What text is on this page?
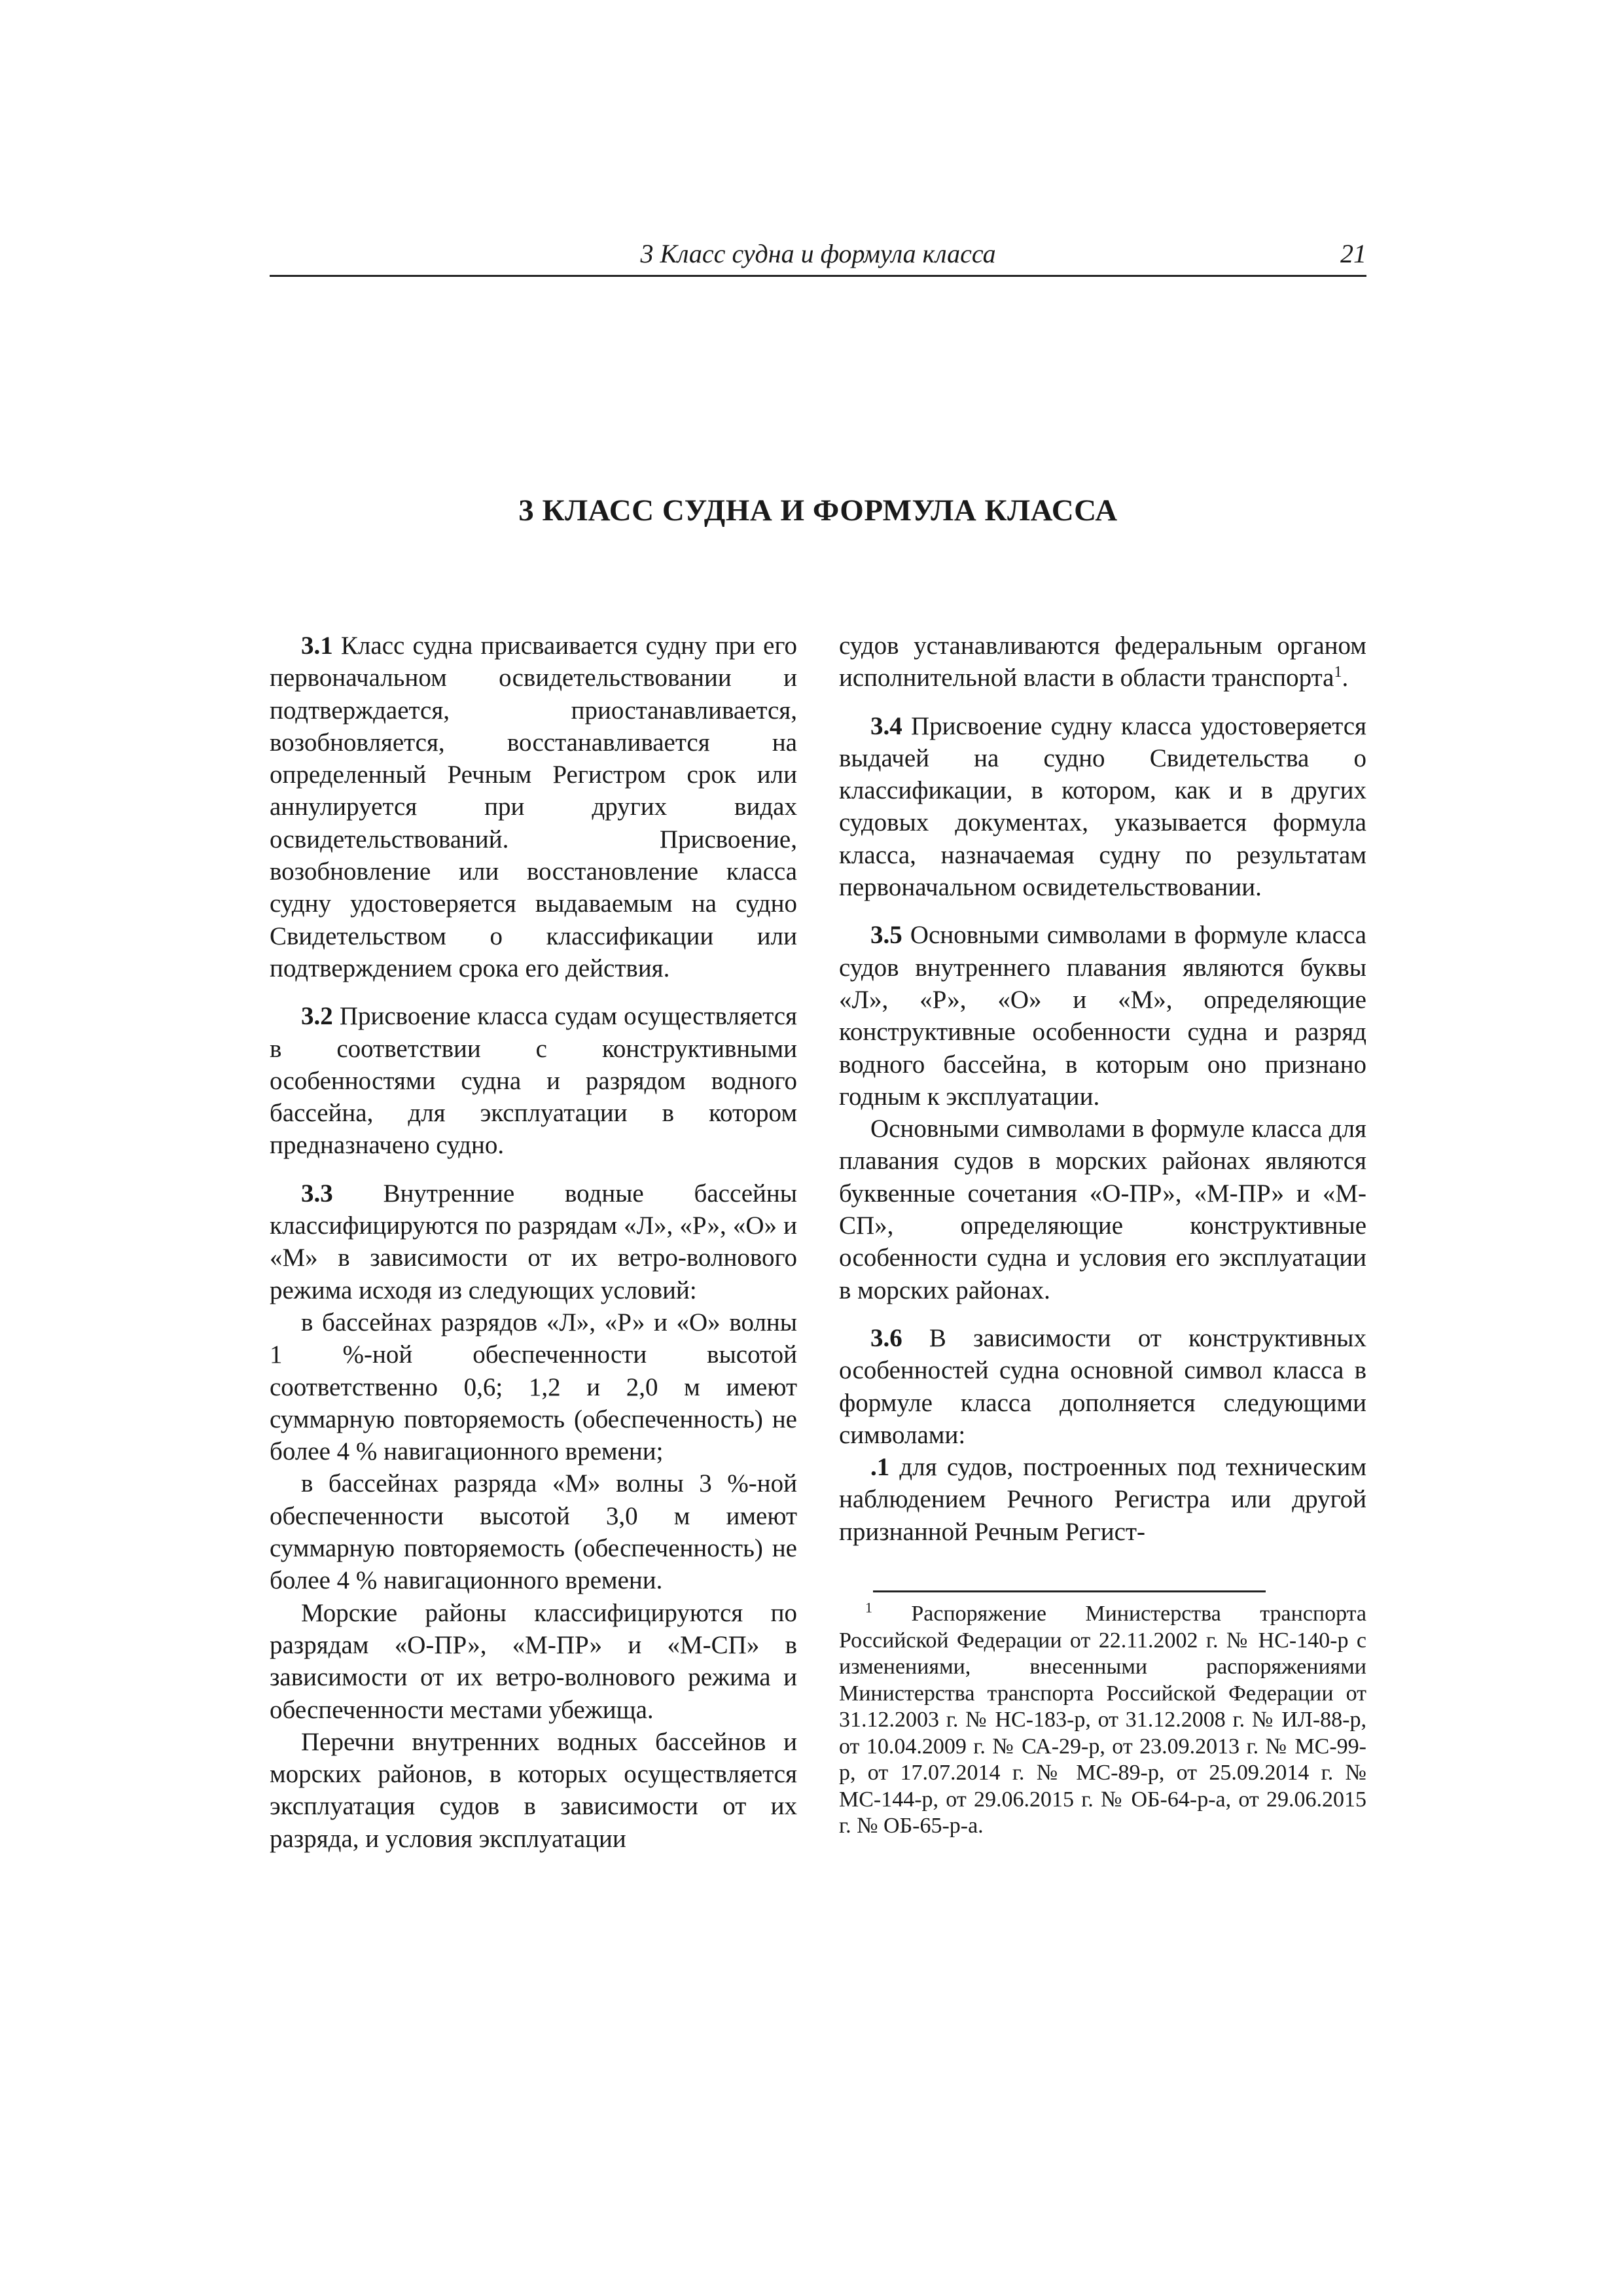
3 Класс судна и формула класса	21
3 КЛАСС СУДНА И ФОРМУЛА КЛАССА

3.1 Класс судна присваивается судну при его первоначальном освидетельствовании и подтверждается, приостанавливается, возобновляется, восстанавливается на определенный Речным Регистром срок или аннулируется при других видах освидетельствований. Присвоение, возобновление или восстановление класса судну удостоверяется выдаваемым на судно Свидетельством о классификации или подтверждением срока его действия.

3.2 Присвоение класса судам осуществляется в соответствии с конструктивными особенностями судна и разрядом водного бассейна, для эксплуатации в котором предназначено судно.

3.3 Внутренние водные бассейны классифицируются по разрядам «Л», «Р», «О» и «М» в зависимости от их ветро-волнового режима исходя из следующих условий:

в бассейнах разрядов «Л», «Р» и «О» волны 1 %-ной обеспеченности высотой соответственно 0,6; 1,2 и 2,0 м имеют суммарную повторяемость (обеспеченность) не более 4 % навигационного времени;

в бассейнах разряда «М» волны 3 %-ной обеспеченности высотой 3,0 м имеют суммарную повторяемость (обеспеченность) не более 4 % навигационного времени.

Морские районы классифицируются по разрядам «О-ПР», «М-ПР» и «М-СП» в зависимости от их ветро-волнового режима и обеспеченности местами убежища.

Перечни внутренних водных бассейнов и морских районов, в которых осуществляется эксплуатация судов в зависимости от их разряда, и условия эксплуатации

судов устанавливаются федеральным органом исполнительной власти в области транспорта$^1$.

3.4 Присвоение судну класса удостоверяется выдачей на судно Свидетельства о классификации, в котором, как и в других судовых документах, указывается формула класса, назначаемая судну по результатам первоначальном освидетельствовании.

3.5 Основными символами в формуле класса судов внутреннего плавания являются буквы «Л», «Р», «О» и «М», определяющие конструктивные особенности судна и разряд водного бассейна, в которым оно признано годным к эксплуатации.

Основными символами в формуле класса для плавания судов в морских районах являются буквенные сочетания «О-ПР», «М-ПР» и «М-СП», определяющие конструктивные особенности судна и условия его эксплуатации в морских районах.

3.6 В зависимости от конструктивных особенностей судна основной символ класса в формуле класса дополняется следующими символами:

.1 для судов, построенных под техническим наблюдением Речного Регистра или другой признанной Речным Регист-

$^1$ Распоряжение Министерства транспорта Российской Федерации от 22.11.2002 г. № НС-140-р с изменениями, внесенными распоряжениями Министерства транспорта Российской Федерации от 31.12.2003 г. № НС-183-р, от 31.12.2008 г. № ИЛ-88-р, от 10.04.2009 г. № СА-29-р, от 23.09.2013 г. № МС-99-р, от 17.07.2014 г. № МС-89-р, от 25.09.2014 г. № МС-144-р, от 29.06.2015 г. № ОБ-64-р-а, от 29.06.2015 г. № ОБ-65-р-а.
